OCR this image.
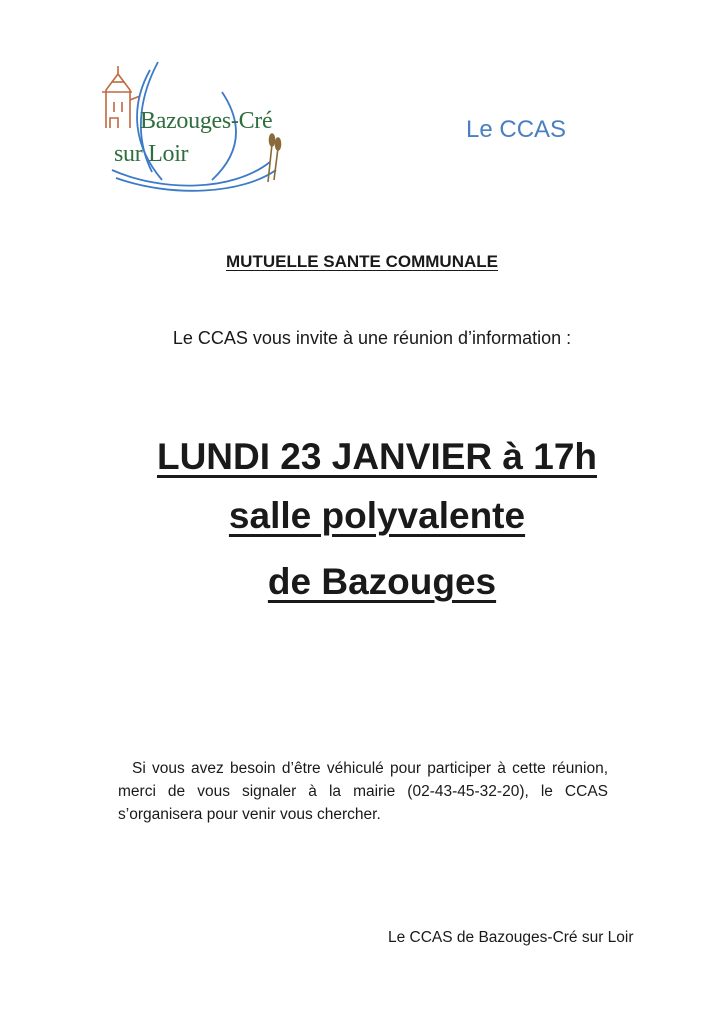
Bazouges-Cré
sur Loir
Le CCAS
MUTUELLE SANTE COMMUNALE
Le CCAS vous invite à une réunion d’information :
LUNDI 23 JANVIER à 17h
salle polyvalente
de Bazouges
Si vous avez besoin d’être véhiculé pour participer à cette réunion, merci de vous signaler à la mairie (02-43-45-32-20), le CCAS s’organisera pour venir vous chercher.
Le CCAS de Bazouges-Cré sur Loir
